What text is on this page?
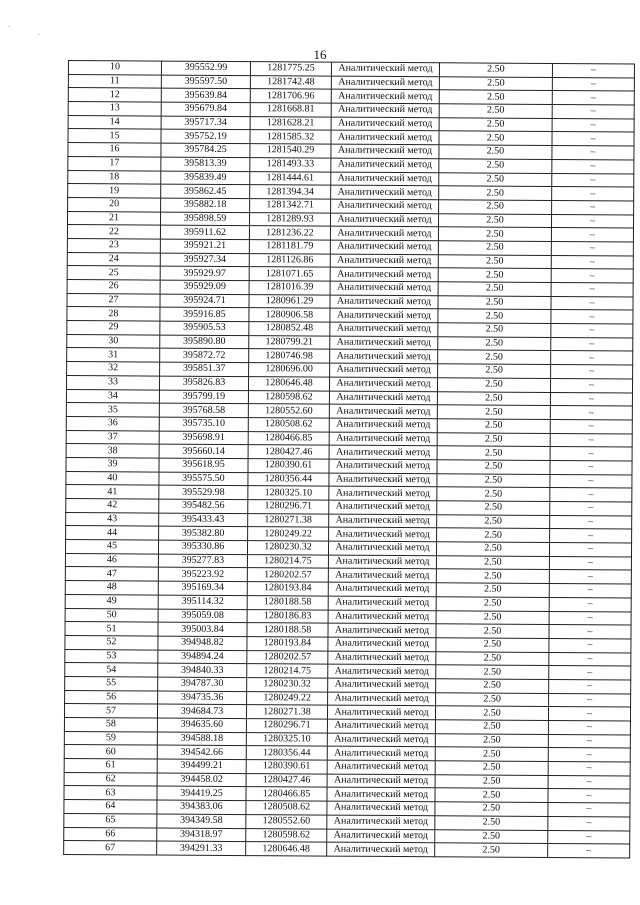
.
.
16
10	395552.99	1281775.25	Аналитический метод	2.50	–
11	395597.50	1281742.48	Аналитический метод	2.50	–
12	395639.84	1281706.96	Аналитический метод	2.50	–
13	395679.84	1281668.81	Аналитический метод	2.50	–
14	395717.34	1281628.21	Аналитический метод	2.50	–
15	395752.19	1281585.32	Аналитический метод	2.50	–
16	395784.25	1281540.29	Аналитический метод	2.50	–
17	395813.39	1281493.33	Аналитический метод	2.50	–
18	395839.49	1281444.61	Аналитический метод	2.50	–
19	395862.45	1281394.34	Аналитический метод	2.50	–
20	395882.18	1281342.71	Аналитический метод	2.50	–
21	395898.59	1281289.93	Аналитический метод	2.50	–
22	395911.62	1281236.22	Аналитический метод	2.50	–
23	395921.21	1281181.79	Аналитический метод	2.50	–
24	395927.34	1281126.86	Аналитический метод	2.50	–
25	395929.97	1281071.65	Аналитический метод	2.50	–
26	395929.09	1281016.39	Аналитический метод	2.50	–
27	395924.71	1280961.29	Аналитический метод	2.50	–
28	395916.85	1280906.58	Аналитический метод	2.50	–
29	395905.53	1280852.48	Аналитический метод	2.50	–
30	395890.80	1280799.21	Аналитический метод	2.50	–
31	395872.72	1280746.98	Аналитический метод	2.50	–
32	395851.37	1280696.00	Аналитический метод	2.50	–
33	395826.83	1280646.48	Аналитический метод	2.50	–
34	395799.19	1280598.62	Аналитический метод	2.50	–
35	395768.58	1280552.60	Аналитический метод	2.50	–
36	395735.10	1280508.62	Аналитический метод	2.50	–
37	395698.91	1280466.85	Аналитический метод	2.50	–
38	395660.14	1280427.46	Аналитический метод	2.50	–
39	395618.95	1280390.61	Аналитический метод	2.50	–
40	395575.50	1280356.44	Аналитический метод	2.50	–
41	395529.98	1280325.10	Аналитический метод	2.50	–
42	395482.56	1280296.71	Аналитический метод	2.50	–
43	395433.43	1280271.38	Аналитический метод	2.50	–
44	395382.80	1280249.22	Аналитический метод	2.50	–
45	395330.86	1280230.32	Аналитический метод	2.50	–
46	395277.83	1280214.75	Аналитический метод	2.50	–
47	395223.92	1280202.57	Аналитический метод	2.50	–
48	395169.34	1280193.84	Аналитический метод	2.50	–
49	395114.32	1280188.58	Аналитический метод	2.50	–
50	395059.08	1280186.83	Аналитический метод	2.50	–
51	395003.84	1280188.58	Аналитический метод	2.50	–
52	394948.82	1280193.84	Аналитический метод	2.50	–
53	394894.24	1280202.57	Аналитический метод	2.50	–
54	394840.33	1280214.75	Аналитический метод	2.50	–
55	394787.30	1280230.32	Аналитический метод	2.50	–
56	394735.36	1280249.22	Аналитический метод	2.50	–
57	394684.73	1280271.38	Аналитический метод	2.50	–
58	394635.60	1280296.71	Аналитический метод	2.50	–
59	394588.18	1280325.10	Аналитический метод	2.50	–
60	394542.66	1280356.44	Аналитический метод	2.50	–
61	394499.21	1280390.61	Аналитический метод	2.50	–
62	394458.02	1280427.46	Аналитический метод	2.50	–
63	394419.25	1280466.85	Аналитический метод	2.50	–
64	394383.06	1280508.62	Аналитический метод	2.50	–
65	394349.58	1280552.60	Аналитический метод	2.50	–
66	394318.97	1280598.62	Аналитический метод	2.50	–
67	394291.33	1280646.48	Аналитический метод	2.50	–
